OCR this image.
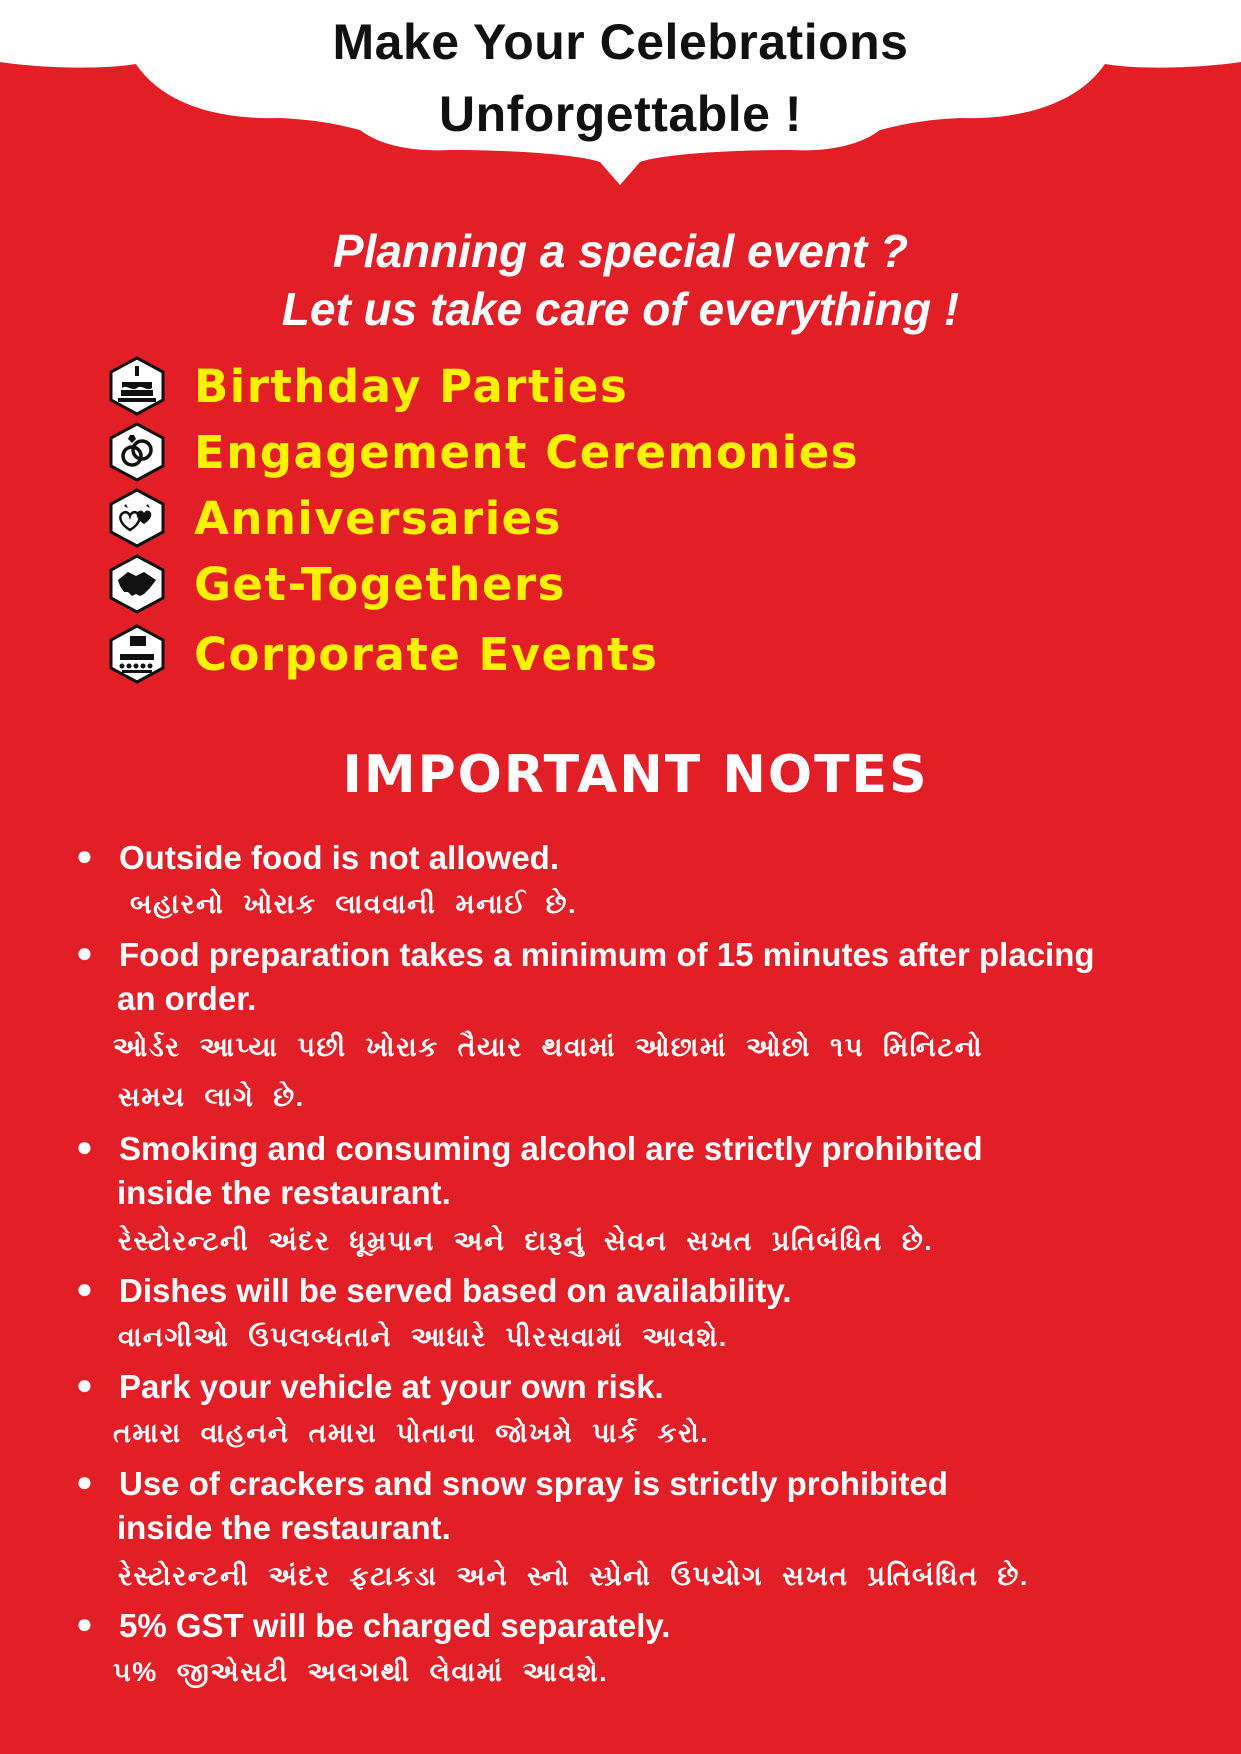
Make Your Celebrations
Unforgettable !
Planning a special event ?
Let us take care of everything !
Birthday Parties
Engagement Ceremonies
Anniversaries
Get-Togethers
Corporate Events
IMPORTANT NOTES
● Outside food is not allowed.
બહારનો ખોરાક લાવવાની મનાઈ છે.
● Food preparation takes a minimum of 15 minutes after placing
an order.
ઓર્ડર આપ્યા પછી ખોરાક તૈયાર થવામાં ઓછામાં ઓછો ૧૫ મિનિટનો
સમય લાગે છે.
● Smoking and consuming alcohol are strictly prohibited
inside the restaurant.
રેસ્ટોરન્ટની અંદર ધૂમ્રપાન અને દારૂનું સેવન સખત પ્રતિબંધિત છે.
● Dishes will be served based on availability.
વાનગીઓ ઉપલબ્ધતાને આધારે પીરસવામાં આવશે.
● Park your vehicle at your own risk.
તમારા વાહનને તમારા પોતાના જોખમે પાર્ક કરો.
● Use of crackers and snow spray is strictly prohibited
inside the restaurant.
રેસ્ટોરન્ટની અંદર ફટાકડા અને સ્નો સ્પ્રેનો ઉપયોગ સખત પ્રતિબંધિત છે.
● 5% GST will be charged separately.
૫% જીએસટી અલગથી લેવામાં આવશે.
